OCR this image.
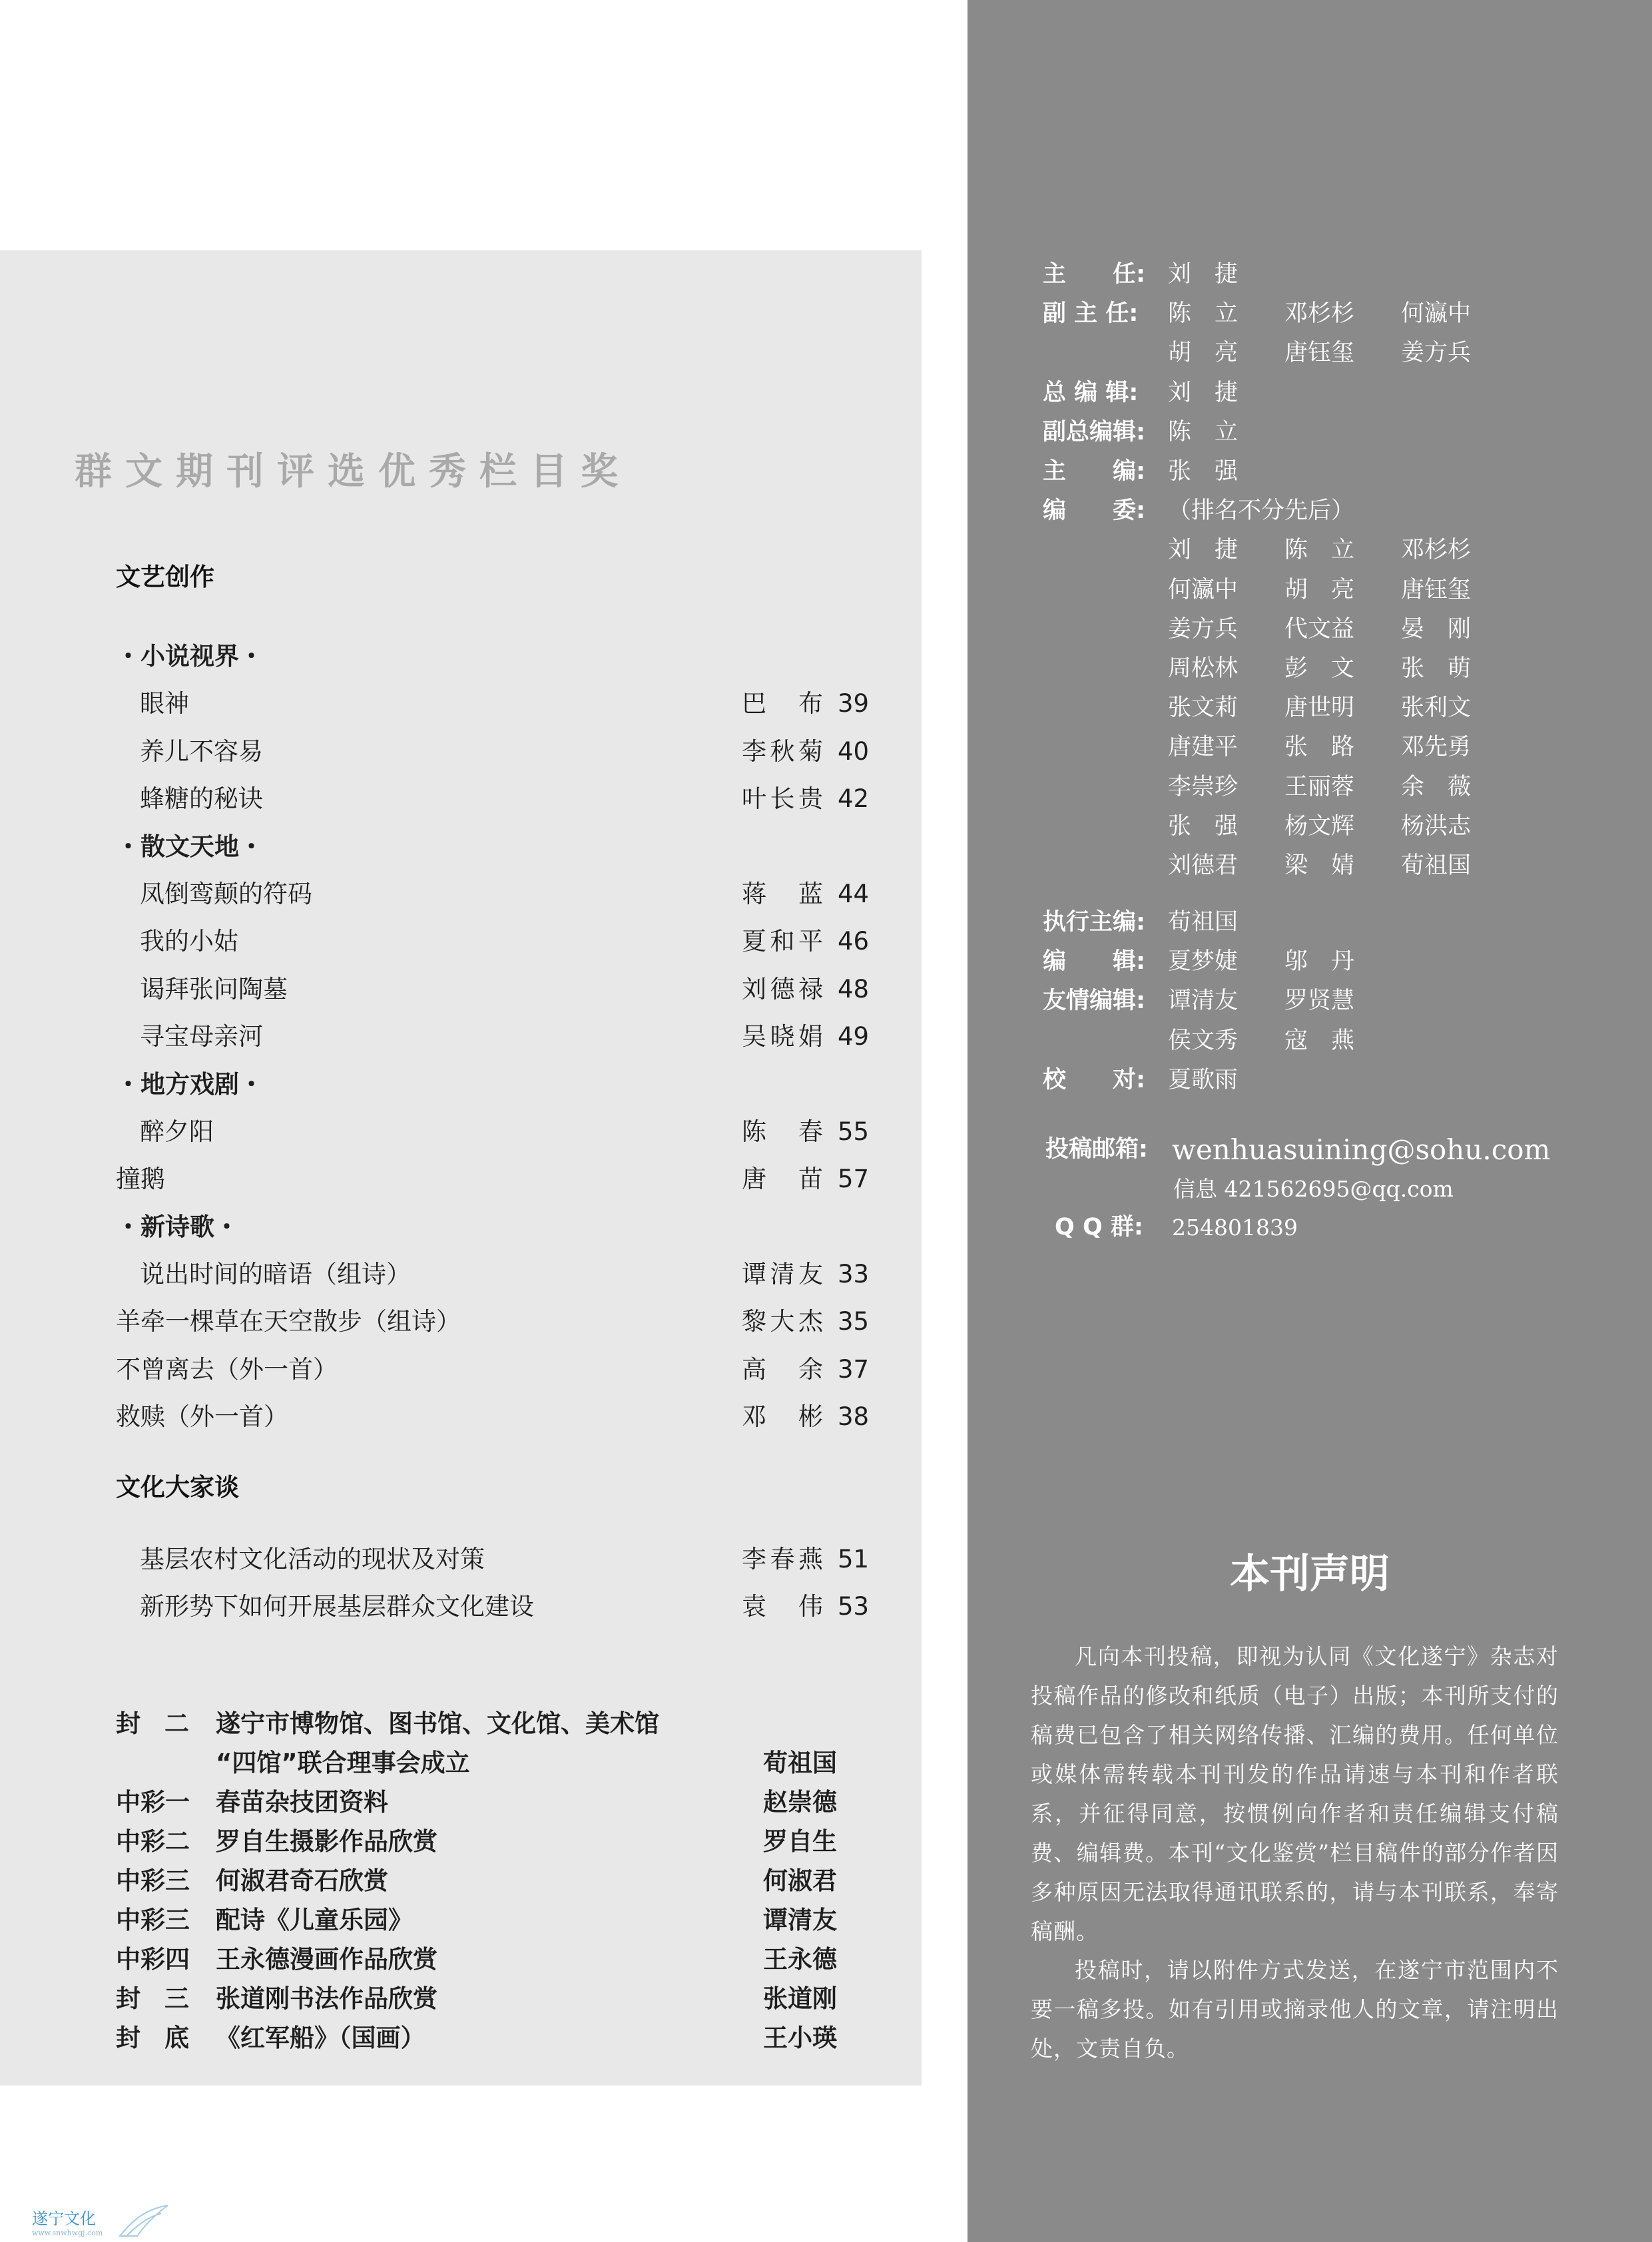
群文期刊评选优秀栏目奖
文艺创作
・小说视界・
眼神	巴 布 39
养儿不容易	李秋菊 40
蜂糖的秘诀	叶长贵 42
・散文天地・
凤倒鸾颠的符码	蒋 蓝 44
我的小姑	夏和平 46
谒拜张问陶墓	刘德禄 48
寻宝母亲河	吴晓娟 49
・地方戏剧・
醉夕阳	陈 春 55
撞鹅	唐 苗 57
・新诗歌・
说出时间的暗语（组诗）	谭清友 33
羊牵一棵草在天空散步（组诗）	黎大杰 35
不曾离去（外一首）	高 余 37
救赎（外一首）	邓 彬 38
文化大家谈
基层农村文化活动的现状及对策	李春燕 51
新形势下如何开展基层群众文化建设	袁 伟 53
封 二 遂宁市博物馆、图书馆、文化馆、美术馆
“四馆”联合理事会成立	荀祖国
中彩一 春苗杂技团资料	赵崇德
中彩二 罗自生摄影作品欣赏	罗自生
中彩三 何淑君奇石欣赏	何淑君
中彩三 配诗《儿童乐园》	谭清友
中彩四 王永德漫画作品欣赏	王永德
封 三 张道刚书法作品欣赏	张道刚
封 底 《红军船》（国画）	王小瑛
主　　任: 刘　捷
副 主 任: 陈　立　　邓杉杉　　何瀛中
胡　亮　　唐钰玺　　姜方兵
总 编 辑: 刘　捷
副总编辑: 陈　立
主　　编: 张　强
编　　委: （排名不分先后）
刘　捷　　陈　立　　邓杉杉
何瀛中　　胡　亮　　唐钰玺
姜方兵　　代文益　　晏　刚
周松林　　彭　文　　张　萌
张文莉　　唐世明　　张利文
唐建平　　张　路　　邓先勇
李崇珍　　王丽蓉　　余　薇
张　强　　杨文辉　　杨洪志
刘德君　　梁　婧　　荀祖国
执行主编: 荀祖国
编　　辑: 夏梦婕　　邬　丹
友情编辑: 谭清友　　罗贤慧
侯文秀　　寇　燕
校　　对: 夏歌雨
投稿邮箱: wenhuasuining@sohu.com
信息 421562695@qq.com
Q Q 群: 254801839
本刊声明

凡向本刊投稿，即视为认同《文化遂宁》杂志对投稿作品的修改和纸质（电子）出版；本刊所支付的稿费已包含了相关网络传播、汇编的费用。任何单位或媒体需转载本刊刊发的作品请速与本刊和作者联系，并征得同意，按惯例向作者和责任编辑支付稿费、编辑费。本刊“文化鉴赏”栏目稿件的部分作者因多种原因无法取得通讯联系的，请与本刊联系，奉寄稿酬。

投稿时，请以附件方式发送，在遂宁市范围内不要一稿多投。如有引用或摘录他人的文章，请注明出处，文责自负。

遂宁文化
www.snwhwgj.com
